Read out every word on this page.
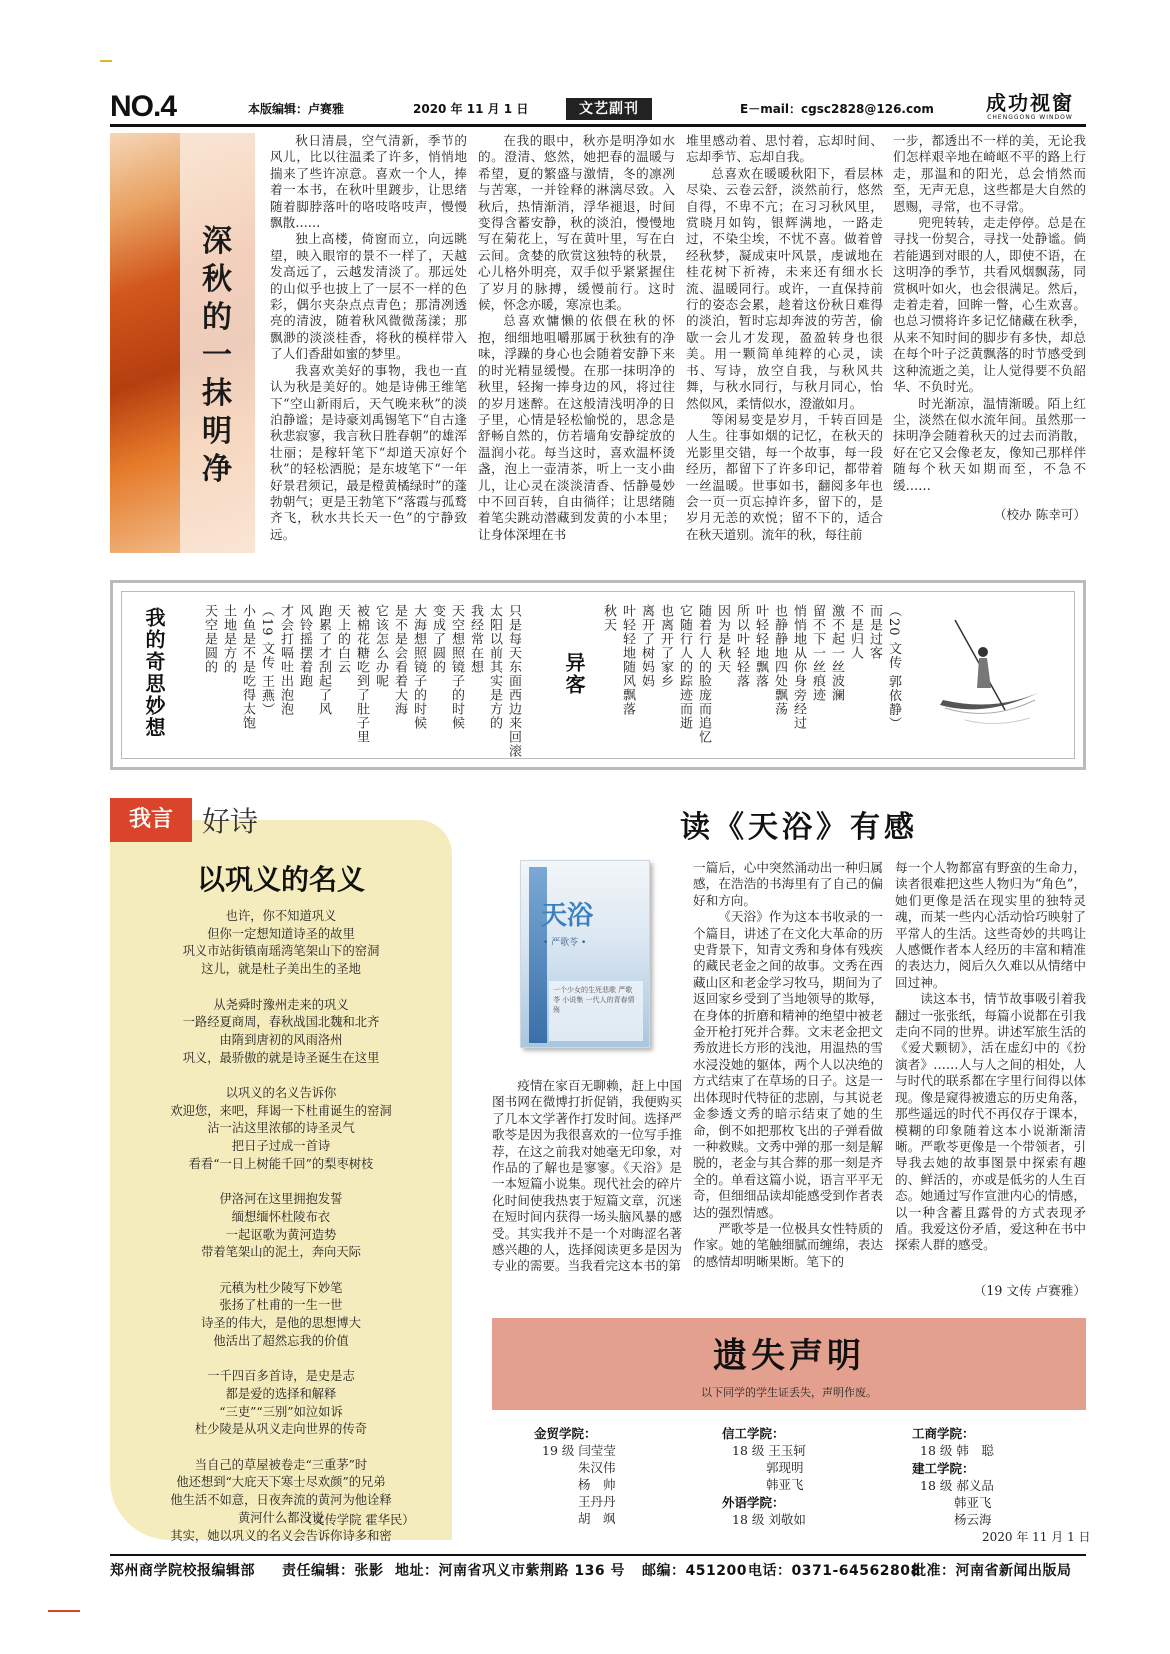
NO.4	本版编辑：卢赛雅	2020 年 11 月 1 日	文艺副刊	E－mail：cgsc2828@126.com	成功视窗
CHENGGONG WINDOW
深秋的一抹明净

秋日清晨，空气清新，季节的风儿，比以往温柔了许多，悄悄地揣来了些许凉意。喜欢一个人，捧着一本书，在秋叶里踱步，让思绪随着脚脖落叶的咯吱咯吱声，慢慢飘散……

独上高楼，倚窗而立，向远眺望，映入眼帘的景不一样了，天越发高远了，云越发清淡了。那远处的山似乎也披上了一层不一样的色彩，偶尔夹杂点点青色；那清冽透亮的清波，随着秋风微微荡漾；那飘渺的淡淡桂香，将秋的模样带入了人们香甜如蜜的梦里。

我喜欢美好的事物，我也一直认为秋是美好的。她是诗佛王维笔下“空山新雨后，天气晚来秋”的淡泊静谧；是诗豪刘禹锡笔下“自古逢秋悲寂寥，我言秋日胜春朝”的雄浑壮丽；是稼轩笔下“却道天凉好个秋”的轻松洒脱；是东坡笔下“一年好景君须记，最是橙黄橘绿时”的蓬勃朝气；更是王勃笔下“落霞与孤鹜齐飞，秋水共长天一色”的宁静致远。

在我的眼中，秋亦是明净如水的。澄清、悠然，她把春的温暖与希望，夏的繁盛与激情，冬的凛冽与苦寒，一并铨释的淋漓尽致。入秋后，热情渐消，浮华褪退，时间变得含蓄安静，秋的淡泊，慢慢地写在菊花上，写在黄叶里，写在白云间。贪婪的欣赏这独特的秋景，心儿格外明亮，双手似乎紧紧握住了岁月的脉搏，缓慢前行。这时候，怀念亦暖，寒凉也柔。

总喜欢慵懒的依偎在秋的怀抱，细细地咀嚼那属于秋独有的净味，浮躁的身心也会随着安静下来的时光精显缓慢。在那一抹明净的秋里，轻掬一捧身边的风，将过往的岁月迷醉。在这般清浅明净的日子里，心情是轻松愉悦的，思念是舒畅自然的，仿若墙角安静绽放的温润小花。每当这时，喜欢温杯烫盏，泡上一壶清茶，听上一支小曲儿，让心灵在淡淡清香、恬静曼妙中不回百转，自由徜徉；让思绪随着笔尖跳动潜藏到发黄的小本里；让身体深埋在书

堆里感动着、思忖着，忘却时间、忘却季节、忘却自我。

总喜欢在暖暖秋阳下，看层林尽染、云卷云舒，淡然前行，悠然自得，不卑不亢；在习习秋风里，赏晓月如钩，银辉满地，一路走过，不染尘埃，不忧不喜。做着曾经秋梦，凝成束叶风景，虔诚地在桂花树下祈祷，未来还有细水长流、温暖同行。或许，一直保持前行的姿态会累，趁着这份秋日难得的淡泊，暂时忘却奔波的劳苦，偷歇一会儿才发现，盈盈转身也很美。用一颗简单纯粹的心灵，读书、写诗，放空自我，与秋风共舞，与秋水同行，与秋月同心，怡然似风，柔情似水，澄澈如月。

等闲易变是岁月，千转百回是人生。往事如烟的记忆，在秋天的光影里交错，每一个故事，每一段经历，都留下了许多印记，都带着一丝温暖。世事如书，翻阅多年也会一页一页忘掉许多，留下的，是岁月无恙的欢悦；留不下的，适合在秋天道别。流年的秋，每往前

一步，都透出不一样的美，无论我们怎样艰辛地在崎岖不平的路上行走，那温和的阳光，总会悄然而至，无声无息，这些都是大自然的恩赐，寻常，也不寻常。

兜兜转转，走走停停。总是在寻找一份契合，寻找一处静谧。倘若能遇到对眼的人，即使不语，在这明净的季节，共看风烟飘荡，同赏枫叶如火，也会很满足。然后，走着走着，回眸一瞥，心生欢喜。也总习惯将许多记忆储藏在秋季，从来不知时间的脚步有多快，却总在每个叶子泛黄飘落的时节感受到这种流逝之美，让人觉得要不负韶华、不负时光。

时光渐凉，温情渐暖。陌上红尘，淡然在似水流年间。虽然那一抹明净会随着秋天的过去而消散，好在它又会像老友，像知己那样伴随每个秋天如期而至，不急不缓……

（校办 陈幸可）
我的奇思妙想	只是每天东面西边来回滚
太阳以前其实是方的
我经常在想
天空想照镜子的时候
变成了圆的
大海想照镜子的时候
是不是会看着大海
它该怎么办呢
被棉花糖吃到了肚子里
天上的白云
跑累了才刮起了风
风铃摇摆着跑
才会打嗝吐出泡泡
（19 文传 王燕）
小鱼是不是吃得太饱
土地是方的
天空是圆的	异客	（20 文传 郭依静）
而是过客
不是归人
激不起一丝波澜
留不下一丝痕迹
悄悄地从你身旁经过
也静静地四处飘荡
叶轻轻地飘落
所以叶轻轻落
因为是秋天
随着行人的脸庞而追忆
它随行人的踪迹而逝
也离开了家乡
离开了树妈妈
叶轻轻地随风飘落
秋天
我言	好诗
以巩义的名义
也许，你不知道巩义
但你一定想知道诗圣的故里
巩义市站街镇南瑶湾笔架山下的窑洞
这儿，就是杜子美出生的圣地
从尧舜时豫州走来的巩义
一路经夏商周，春秋战国北魏和北齐
由隋到唐初的风雨洛州
巩义，最骄傲的就是诗圣诞生在这里
以巩义的名义告诉你
欢迎您，来吧，拜谒一下杜甫诞生的窑洞
沾一沾这里浓郁的诗圣灵气
把日子过成一首诗
看看“一日上树能千回”的梨枣树枝
伊洛河在这里拥抱发誓
缅想缅怀杜陵布衣
一起讴歌为黄河造势
带着笔架山的泥土，奔向天际
元稹为杜少陵写下妙笔
张扬了杜甫的一生一世
诗圣的伟大，是他的思想博大
他活出了超然忘我的价值
一千四百多首诗，是史是志
都是爱的选择和解释
“三吏”“三别”如泣如诉
杜少陵是从巩义走向世界的传奇
当自己的草屋被卷走“三重茅”时
他还想到“大庇天下寒士尽欢颜”的兄弟
他生活不如意，日夜奔流的黄河为他诠释
黄河什么都没说
其实，她以巩义的名义会告诉你诗多和密
（文传学院 霍华民）
读《天浴》有感
天浴
• 严歌苓 •
一个少女的生死悲歌 严歌苓 小说集 一代人的青春情殇

疫情在家百无聊赖，赶上中国图书网在微博打折促销，我便购买了几本文学著作打发时间。选择严歌苓是因为我很喜欢的一位写手推荐，在这之前我对她毫无印象，对作品的了解也是寥寥。《天浴》是一本短篇小说集。现代社会的碎片化时间使我热衷于短篇文章，沉迷在短时间内获得一场头脑风暴的感受。其实我并不是一个对晦涩名著感兴趣的人，选择阅读更多是因为专业的需要。当我看完这本书的第

一篇后，心中突然涌动出一种归属感，在浩浩的书海里有了自己的偏好和方向。

《天浴》作为这本书收录的一个篇目，讲述了在文化大革命的历史背景下，知青文秀和身体有残疾的藏民老金之间的故事。文秀在西藏山区和老金学习牧马，期间为了返回家乡受到了当地领导的欺辱，在身体的折磨和精神的绝望中被老金开枪打死并合葬。文末老金把文秀放进长方形的浅池，用温热的雪水浸没她的躯体，两个人以决绝的方式结束了在草场的日子。这是一出体现时代特征的悲剧，与其说老金参透文秀的暗示结束了她的生命，倒不如把那枚飞出的子弹看做一种救赎。文秀中弹的那一刻是解脱的，老金与其合葬的那一刻是齐全的。单看这篇小说，语言平平无奇，但细细品读却能感受到作者表达的强烈情感。

严歌苓是一位极具女性特质的作家。她的笔触细腻而缠绵，表达的感情却明晰果断。笔下的

每一个人物都富有野蛮的生命力，读者很难把这些人物归为“角色”，她们更像是活在现实里的独特灵魂，而某一些内心活动恰巧映射了平常人的生活。这些奇妙的共鸣让人感慨作者本人经历的丰富和精准的表达力，阅后久久难以从情绪中回过神。

读这本书，情节故事吸引着我翻过一张张纸，每篇小说都在引我走向不同的世界。讲述军旅生活的《爱犬颗韧》，活在虚幻中的《扮演者》……人与人之间的相处，人与时代的联系都在字里行间得以体现。像是窥得被遗忘的历史角落，那些遥远的时代不再仅存于课本，模糊的印象随着这本小说渐渐清晰。严歌苓更像是一个带领者，引导我去她的故事图景中探索有趣的、鲜活的，亦或是低劣的人生百态。她通过写作宣泄内心的情感，以一种含蓄且露骨的方式表现矛盾。我爱这份矛盾，爱这种在书中探索人群的感受。

（19 文传 卢赛雅）
遗失声明
以下同学的学生证丢失，声明作废。
金贸学院：
19 级 闫莹莹
朱汉伟
杨　帅
王丹丹
胡　飒
信工学院：
18 级 王玉轲
郭现明
韩亚飞
外语学院：
18 级 刘敬如
工商学院：
18 级 韩　聪
建工学院：
18 级 郝义品
韩亚飞
杨云海
2020 年 11 月 1 日
郑州商学院校报编辑部 责任编辑：张影 地址：河南省巩义市紫荆路 136 号 邮编：451200 电话：0371-64562808
批准：河南省新闻出版局
